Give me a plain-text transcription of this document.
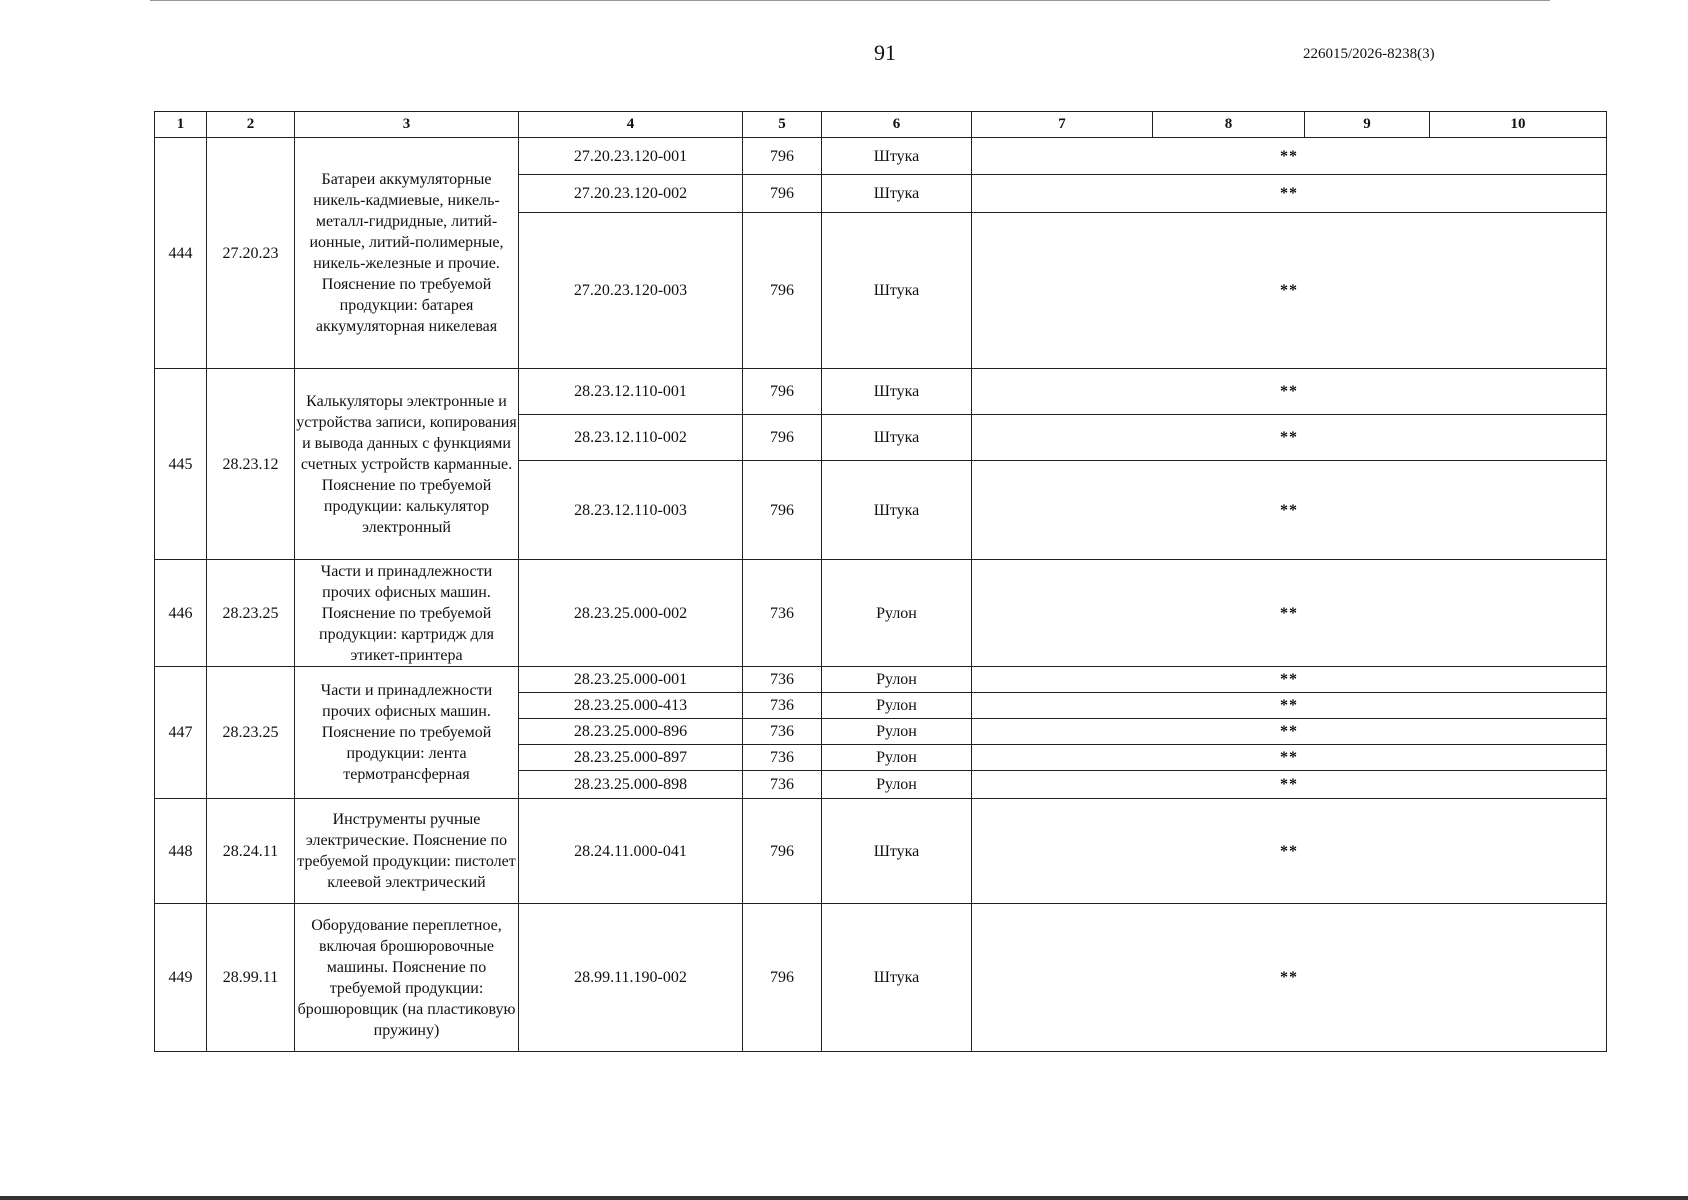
91	226015/2026-8238(3)
1	2	3	4	5	6	7	8	9	10
444	27.20.23	Батареи аккумуляторные никель-кадмиевые, никель-металл-гидридные, литий-ионные, литий-полимерные, никель-железные и прочие. Пояснение по требуемой продукции: батарея аккумуляторная никелевая	27.20.23.120-001	796	Штука	**			
			27.20.23.120-002	796	Штука	**			
			27.20.23.120-003	796	Штука	**			
445	28.23.12	Калькуляторы электронные и устройства записи, копирования и вывода данных с функциями счетных устройств карманные. Пояснение по требуемой продукции: калькулятор электронный	28.23.12.110-001	796	Штука	**			
			28.23.12.110-002	796	Штука	**			
			28.23.12.110-003	796	Штука	**			
446	28.23.25	Части и принадлежности прочих офисных машин. Пояснение по требуемой продукции: картридж для этикет-принтера	28.23.25.000-002	736	Рулон	**			
447	28.23.25	Части и принадлежности прочих офисных машин. Пояснение по требуемой продукции: лента термотрансферная	28.23.25.000-001	736	Рулон	**			
			28.23.25.000-413	736	Рулон	**			
			28.23.25.000-896	736	Рулон	**			
			28.23.25.000-897	736	Рулон	**			
			28.23.25.000-898	736	Рулон	**			
448	28.24.11	Инструменты ручные электрические. Пояснение по требуемой продукции: пистолет клеевой электрический	28.24.11.000-041	796	Штука	**			
449	28.99.11	Оборудование переплетное, включая брошюровочные машины. Пояснение по требуемой продукции: брошюровщик (на пластиковую пружину)	28.99.11.190-002	796	Штука	**			
